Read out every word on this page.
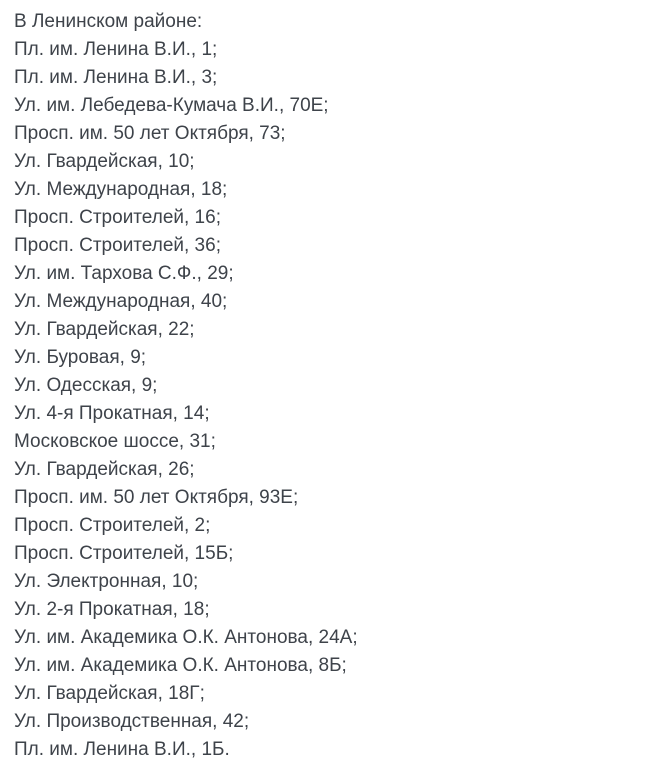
В Ленинском районе:

Пл. им. Ленина В.И., 1;

Пл. им. Ленина В.И., 3;

Ул. им. Лебедева-Кумача В.И., 70Е;

Просп. им. 50 лет Октября, 73;

Ул. Гвардейская, 10;

Ул. Международная, 18;

Просп. Строителей, 16;

Просп. Строителей, 36;

Ул. им. Тархова С.Ф., 29;

Ул. Международная, 40;

Ул. Гвардейская, 22;

Ул. Буровая, 9;

Ул. Одесская, 9;

Ул. 4-я Прокатная, 14;

Московское шоссе, 31;

Ул. Гвардейская, 26;

Просп. им. 50 лет Октября, 93Е;

Просп. Строителей, 2;

Просп. Строителей, 15Б;

Ул. Электронная, 10;

Ул. 2-я Прокатная, 18;

Ул. им. Академика О.К. Антонова, 24А;

Ул. им. Академика О.К. Антонова, 8Б;

Ул. Гвардейская, 18Г;

Ул. Производственная, 42;

Пл. им. Ленина В.И., 1Б.
